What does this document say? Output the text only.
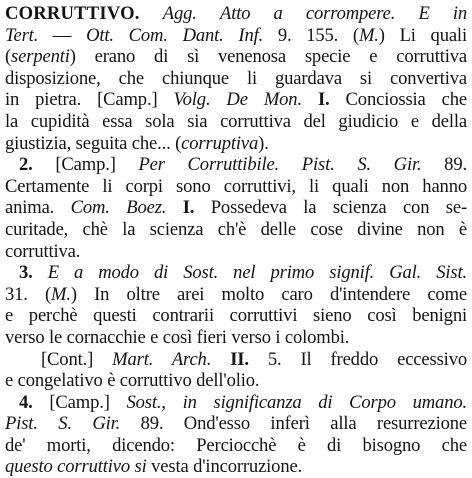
CORRUTTIVO. Agg. Atto a corrompere. E in
Tert. — Ott. Com. Dant. Inf. 9. 155. (M.) Li quali
(serpenti) erano di sì venenosa specie e corruttiva
disposizione, che chiunque li guardava si convertiva
in pietra. [Camp.] Volg. De Mon. I. Conciossia che
la cupidità essa sola sia corruttiva del giudicio e della
giustizia, seguita che... (corruptiva).
2. [Camp.] Per Corruttibile. Pist. S. Gir. 89.
Certamente li corpi sono corruttivi, li quali non hanno
anima. Com. Boez. I. Possedeva la scienza con se-
curitade, chè la scienza ch'è delle cose divine non è
corruttiva.
3. E a modo di Sost. nel primo signif. Gal. Sist.
31. (M.) In oltre arei molto caro d'intendere come
e perchè questi contrarii corruttivi sieno così benigni
verso le cornacchie e così fieri verso i colombi.
[Cont.] Mart. Arch. II. 5. Il freddo eccessivo
e congelativo è corruttivo dell'olio.
4. [Camp.] Sost., in significanza di Corpo umano.
Pist. S. Gir. 89. Ond'esso inferì alla resurrezione
de' morti, dicendo: Perciocchè è di bisogno che
questo corruttivo si vesta d'incorruzione.
